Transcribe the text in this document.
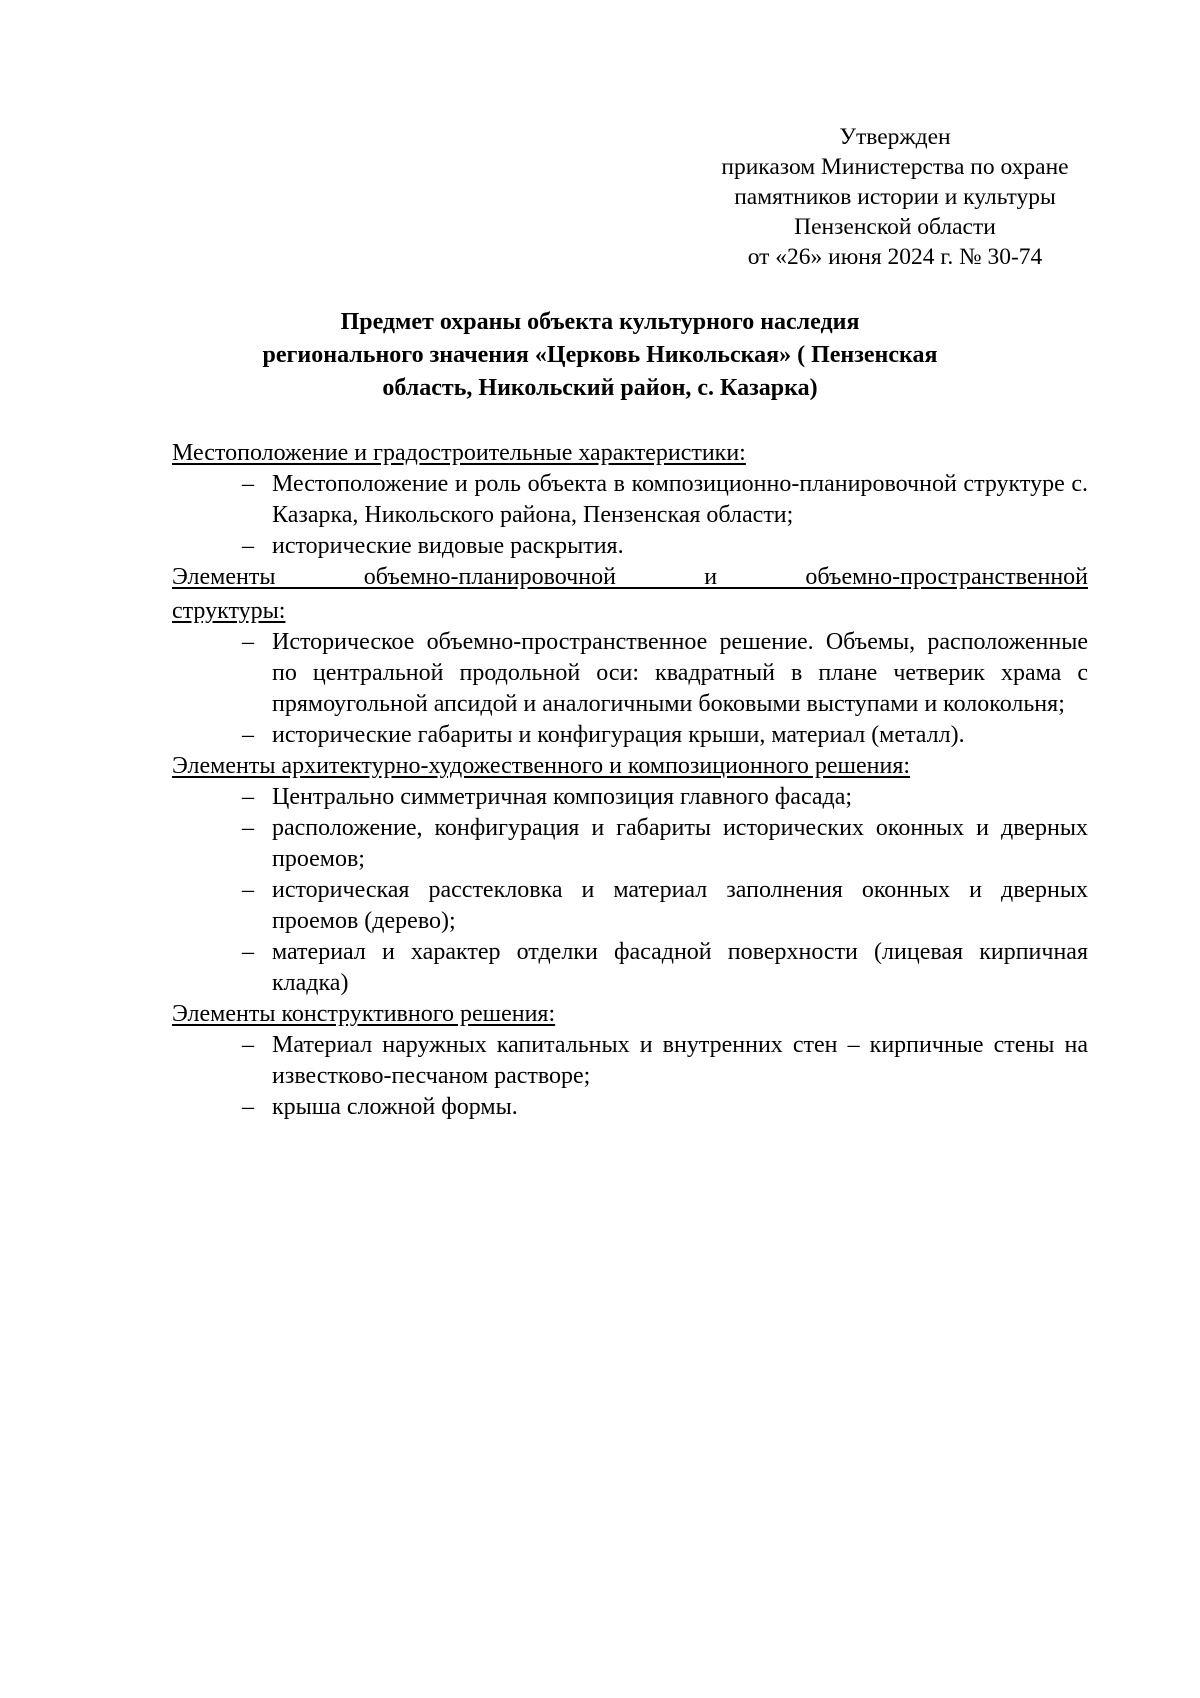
Утвержден
приказом Министерства по охране
памятников истории и культуры
Пензенской области
от «26» июня 2024 г. № 30-74
Предмет охраны объекта культурного наследия
регионального значения «Церковь Никольская» ( Пензенская
область, Никольский район, с. Казарка)

Местоположение и градостроительные характеристики:

– Местоположение и роль объекта в композиционно-планировочной структуре с. Казарка, Никольского района, Пензенская области;
– исторические видовые раскрытия.

Элементы объемно-планировочной и объемно-пространственной

структуры:

– Историческое объемно-пространственное решение. Объемы, расположенные по центральной продольной оси: квадратный в плане четверик храма с прямоугольной апсидой и аналогичными боковыми выступами и колокольня;
– исторические габариты и конфигурация крыши, материал (металл).

Элементы архитектурно-художественного и композиционного решения:

– Центрально симметричная композиция главного фасада;
– расположение, конфигурация и габариты исторических оконных и дверных проемов;
– историческая расстекловка и материал заполнения оконных и дверных проемов (дерево);
– материал и характер отделки фасадной поверхности (лицевая кирпичная кладка)

Элементы конструктивного решения:

– Материал наружных капитальных и внутренних стен – кирпичные стены на известково-песчаном растворе;
– крыша сложной формы.
